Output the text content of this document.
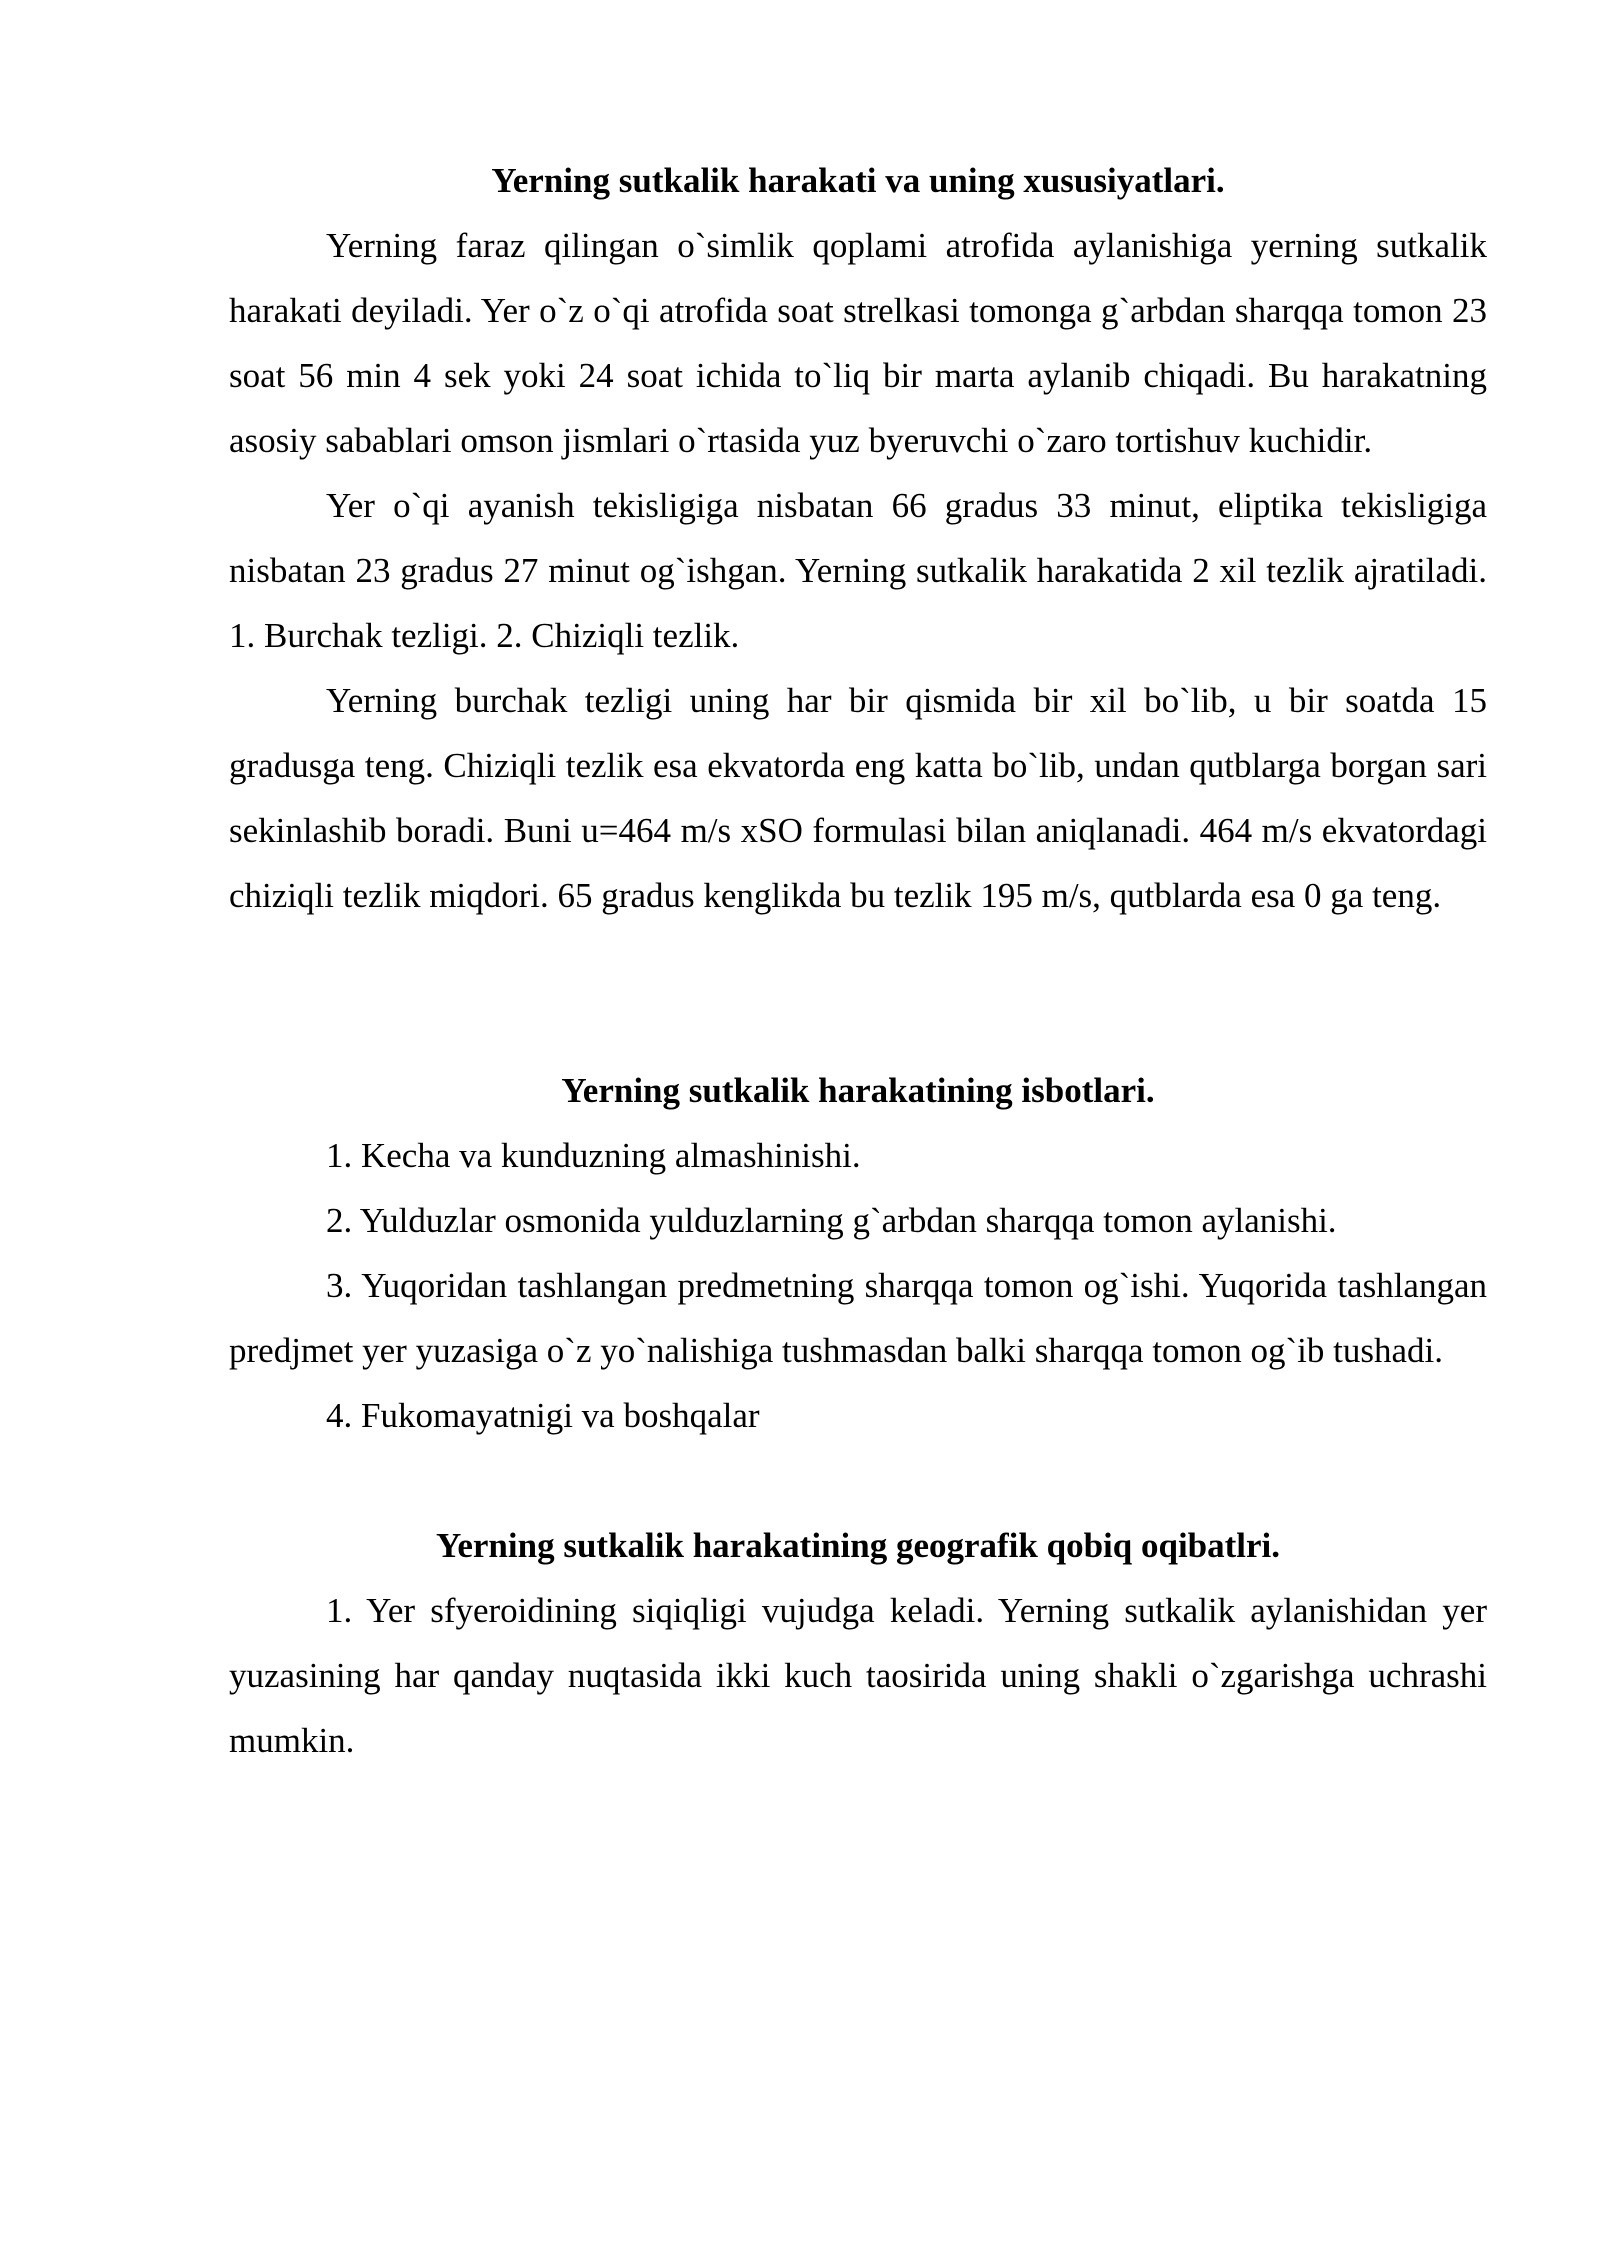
Yerning sutkalik harakati va uning xususiyatlari.

Yerning faraz qilingan o`simlik qoplami atrofida aylanishiga yerning sutkalik harakati deyiladi. Yer o`z o`qi atrofida soat strelkasi tomonga g`arbdan sharqqa tomon 23 soat 56 min 4 sek yoki 24 soat ichida to`liq bir marta aylanib chiqadi. Bu harakatning asosiy sabablari omson jismlari o`rtasida yuz byeruvchi o`zaro tortishuv kuchidir.

Yer o`qi ayanish tekisligiga nisbatan 66 gradus 33 minut, eliptika tekisligiga nisbatan 23 gradus 27 minut og`ishgan. Yerning sutkalik harakatida 2 xil tezlik ajratiladi. 1. Burchak tezligi. 2. Chiziqli tezlik.

Yerning burchak tezligi uning har bir qismida bir xil bo`lib, u bir soatda 15 gradusga teng. Chiziqli tezlik esa ekvatorda eng katta bo`lib, undan qutblarga borgan sari sekinlashib boradi. Buni u=464 m/s xSO formulasi bilan aniqlanadi. 464 m/s ekvatordagi chiziqli tezlik miqdori. 65 gradus kenglikda bu tezlik 195 m/s, qutblarda esa 0 ga teng.

Yerning sutkalik harakatining isbotlari.

1. Kecha va kunduzning almashinishi.

2. Yulduzlar osmonida yulduzlarning g`arbdan sharqqa tomon aylanishi.

3. Yuqoridan tashlangan predmetning sharqqa tomon og`ishi. Yuqorida tashlangan predjmet yer yuzasiga o`z yo`nalishiga tushmasdan balki sharqqa tomon og`ib tushadi.

4. Fukomayatnigi va boshqalar

Yerning sutkalik harakatining geografik qobiq oqibatlri.

1. Yer sfyeroidining siqiqligi vujudga keladi. Yerning sutkalik aylanishidan yer yuzasining har qanday nuqtasida ikki kuch taosirida uning shakli o`zgarishga uchrashi mumkin.
